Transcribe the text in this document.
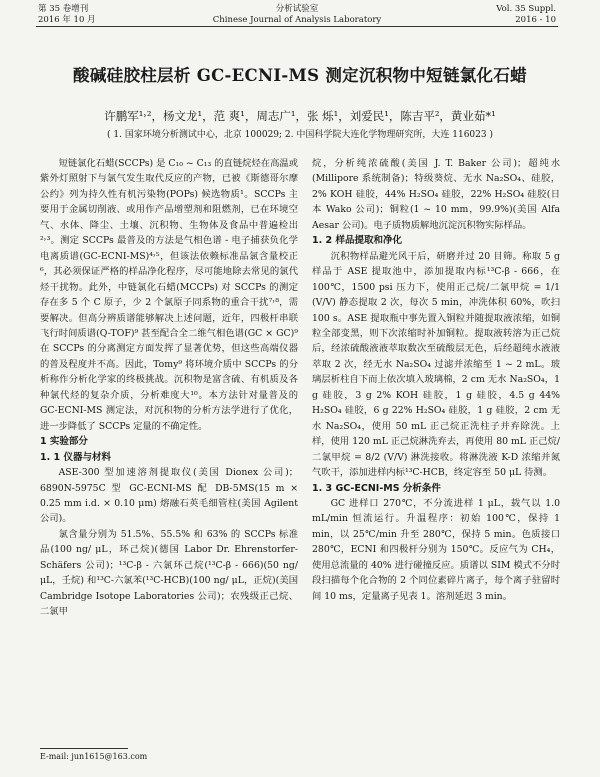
第 35 卷增刊
2016 年 10 月
分析试验室
Chinese Journal of Analysis Laboratory
Vol. 35 Suppl.
2016 - 10
酸碱硅胶柱层析 GC-ECNI-MS 测定沉积物中短链氯化石蜡
许鹏军¹˒²，杨文龙¹，范 爽¹，周志广¹，张 烁¹，刘爱民¹，陈吉平²，黄业茹*¹
( 1. 国家环境分析测试中心，北京 100029; 2. 中国科学院大连化学物理研究所，大连 116023 )

短链氯化石蜡(SCCPs) 是 C₁₀ ~ C₁₃ 的直链烷烃在高温或紫外灯照射下与氯气发生取代反应的产物，已被《斯德哥尔摩公约》列为持久性有机污染物(POPs) 候选物质¹。SCCPs 主要用于金属切削液、或用作产品增塑剂和阻燃剂，已在环境空气、水体、降尘、土壤、沉积物、生物体及食品中普遍检出²˒³。测定 SCCPs 最普及的方法是气相色谱 - 电子捕获负化学电离质谱(GC-ECNI-MS)⁴˒⁵，但该法依赖标准品氯含量校正⁶，其必须保证严格的样品净化程序，尽可能地除去常见的氯代烃干扰物。此外，中链氯化石蜡(MCCPs) 对 SCCPs 的测定存在多 5 个 C 原子，少 2 个氯原子同系物的重合干扰⁷˒⁸，需要解决。但高分辨质谱能够解决上述问题，近年，四极杆串联飞行时间质谱(Q-TOF)⁹ 甚至配合全二维气相色谱(GC × GC)⁹ 在 SCCPs 的分离测定方面发挥了显著优势，但这些高端仪器的普及程度并不高。因此，Tomy⁹ 将环境介质中 SCCPs 的分析称作分析化学家的终极挑战。沉积物是富含硫、有机质及各种氯代烃的复杂介质，分析难度大¹⁰。本方法针对量普及的 GC-ECNI-MS 测定法，对沉积物的分析方法学进行了优化，进一步降低了 SCCPs 定量的不确定性。

1 实验部分

1. 1 仪器与材料

ASE-300 型加速溶剂提取仪(美国 Dionex 公司)；6890N-5975C 型 GC-ECNI-MS 配 DB-5MS(15 m × 0.25 mm i.d. × 0.10 μm) 熔融石英毛细管柱(美国 Agilent 公司)。

氯含量分别为 51.5%、55.5% 和 63% 的 SCCPs 标准品(100 ng/ μL，环己烷)(德国 Labor Dr. Ehrenstorfer-Schäfers 公司)；¹³C-β - 六氯环己烷(¹³C-β - 666)(50 ng/ μL，壬烷) 和¹³C-六氯苯(¹³C-HCB)(100 ng/ μL，正烷)(美国 Cambridge Isotope Laboratories 公司)；农残级正己烷、二氯甲

烷，分析纯浓硫酸(美国 J. T. Baker 公司)；超纯水(Millipore 系统制备)；特级葵烷、无水 Na₂SO₄、硅胶，2% KOH 硅胶，44% H₂SO₄ 硅胶，22% H₂SO₄ 硅胶(日本 Wako 公司)；铜粒(1 ~ 10 mm，99.9%)(美国 Alfa Aesar 公司)。电子质物质解地沉淀沉积物实际样品。

1. 2 样品提取和净化

沉积物样品避光风干后，研磨并过 20 目筛。称取 5 g 样品于 ASE 提取池中，添加提取内标¹³C-β - 666，在 100℃，1500 psi 压力下，使用正己烷/二氯甲烷 = 1/1 (V/V) 静态提取 2 次，每次 5 min，冲洗体积 60%，吹扫 100 s。ASE 提取瓶中事先置入铜粒并随提取液浓缩，如铜粒全部变黑，则下次浓缩时补加铜粒。提取液转溶为正己烷后，经浓硫酸液液萃取数次至硫酸层无色，后经超纯水液液萃取 2 次，经无水 Na₂SO₄ 过滤并浓缩至 1 ~ 2 mL。玻璃层析柱自下而上依次填入玻璃棉，2 cm 无水 Na₂SO₄，1 g 硅胶，3 g 2% KOH 硅胶，1 g 硅胶，4.5 g 44% H₂SO₄ 硅胶，6 g 22% H₂SO₄ 硅胶，1 g 硅胶，2 cm 无水 Na₂SO₄，使用 50 mL 正己烷正洗柱子并弃除洗。上样，使用 120 mL 正己烷淋洗弃去，再使用 80 mL 正己烷/二氯甲烷 = 8/2 (V/V) 淋洗接收。将淋洗液 K-D 浓缩并氮气吹干，添加进样内标¹³C-HCB，终定容至 50 μL 待测。

1. 3 GC-ECNI-MS 分析条件

GC 进样口 270℃，不分流进样 1 μL，载气以 1.0 mL/min 恒流运行。升温程序：初始 100℃，保持 1 min，以 25℃/min 升至 280℃，保持 5 min。色质接口 280℃，ECNI 和四极杆分别为 150℃。反应气为 CH₄，使用总流量的 40% 进行碰撞反应。质谱以 SIM 模式不分时段扫描每个化合物的 2 个同位素碎片离子，每个离子驻留时间 10 ms，定量离子见表 1。溶剂延迟 3 min。

E-mail: jun1615@163.com
